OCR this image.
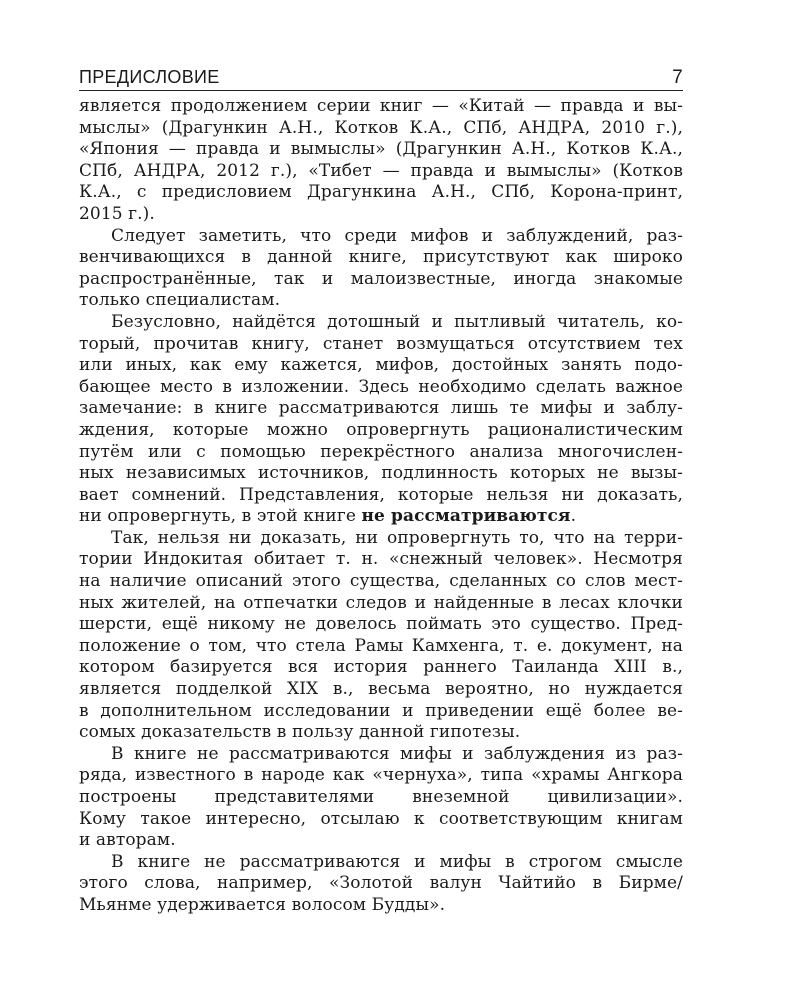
ПРЕДИСЛОВИЕ	7

является продолжением серии книг — «Китай — правда и вы-

мыслы» (Драгункин А.Н., Котков К.А., СПб, АНДРА, 2010 г.),

«Япония — правда и вымыслы» (Драгункин А.Н., Котков К.А.,

СПб, АНДРА, 2012 г.), «Тибет — правда и вымыслы» (Котков

К.А., с предисловием Драгункина А.Н., СПб, Корона-принт,

2015 г.).

Следует заметить, что среди мифов и заблуждений, раз-

венчивающихся в данной книге, присутствуют как широко

распространённые, так и малоизвестные, иногда знакомые

только специалистам.

Безусловно, найдётся дотошный и пытливый читатель, ко-

торый, прочитав книгу, станет возмущаться отсутствием тех

или иных, как ему кажется, мифов, достойных занять подо-

бающее место в изложении. Здесь необходимо сделать важное

замечание: в книге рассматриваются лишь те мифы и заблу-

ждения, которые можно опровергнуть рационалистическим

путём или с помощью перекрёстного анализа многочислен-

ных независимых источников, подлинность которых не вызы-

вает сомнений. Представления, которые нельзя ни доказать,

ни опровергнуть, в этой книге не рассматриваются.

Так, нельзя ни доказать, ни опровергнуть то, что на терри-

тории Индокитая обитает т. н. «снежный человек». Несмотря

на наличие описаний этого существа, сделанных со слов мест-

ных жителей, на отпечатки следов и найденные в лесах клочки

шерсти, ещё никому не довелось поймать это существо. Пред-

положение о том, что стела Рамы Камхенга, т. е. документ, на

котором базируется вся история раннего Таиланда XIII в.,

является подделкой XIX в., весьма вероятно, но нуждается

в дополнительном исследовании и приведении ещё более ве-

сомых доказательств в пользу данной гипотезы.

В книге не рассматриваются мифы и заблуждения из раз-

ряда, известного в народе как «чернуха», типа «храмы Ангкора

построены представителями внеземной цивилизации».

Кому такое интересно, отсылаю к соответствующим книгам

и авторам.

В книге не рассматриваются и мифы в строгом смысле

этого слова, например, «Золотой валун Чайтийо в Бирме/

Мьянме удерживается волосом Будды».
